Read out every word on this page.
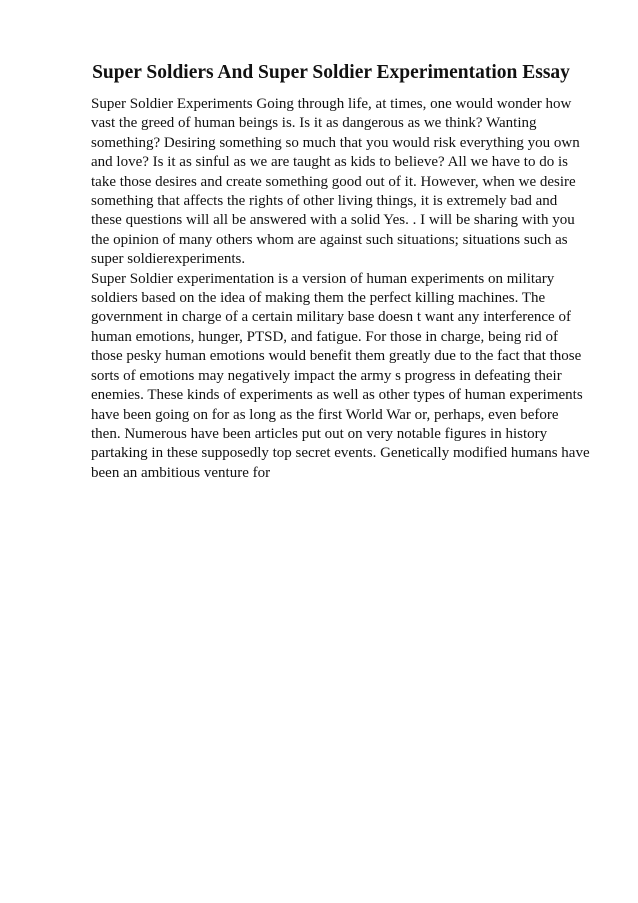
Super Soldiers And Super Soldier Experimentation Essay

Super Soldier Experiments Going through life, at times, one would wonder how vast the greed of human beings is. Is it as dangerous as we think? Wanting something? Desiring something so much that you would risk everything you own and love? Is it as sinful as we are taught as kids to believe? All we have to do is take those desires and create something good out of it. However, when we desire something that affects the rights of other living things, it is extremely bad and these questions will all be answered with a solid Yes. . I will be sharing with you the opinion of many others whom are against such situations; situations such as super soldierexperiments.

Super Soldier experimentation is a version of human experiments on military soldiers based on the idea of making them the perfect killing machines. The government in charge of a certain military base doesn t want any interference of human emotions, hunger, PTSD, and fatigue. For those in charge, being rid of those pesky human emotions would benefit them greatly due to the fact that those sorts of emotions may negatively impact the army s progress in defeating their enemies. These kinds of experiments as well as other types of human experiments have been going on for as long as the first World War or, perhaps, even before then. Numerous have been articles put out on very notable figures in history partaking in these supposedly top secret events. Genetically modified humans have been an ambitious venture for
